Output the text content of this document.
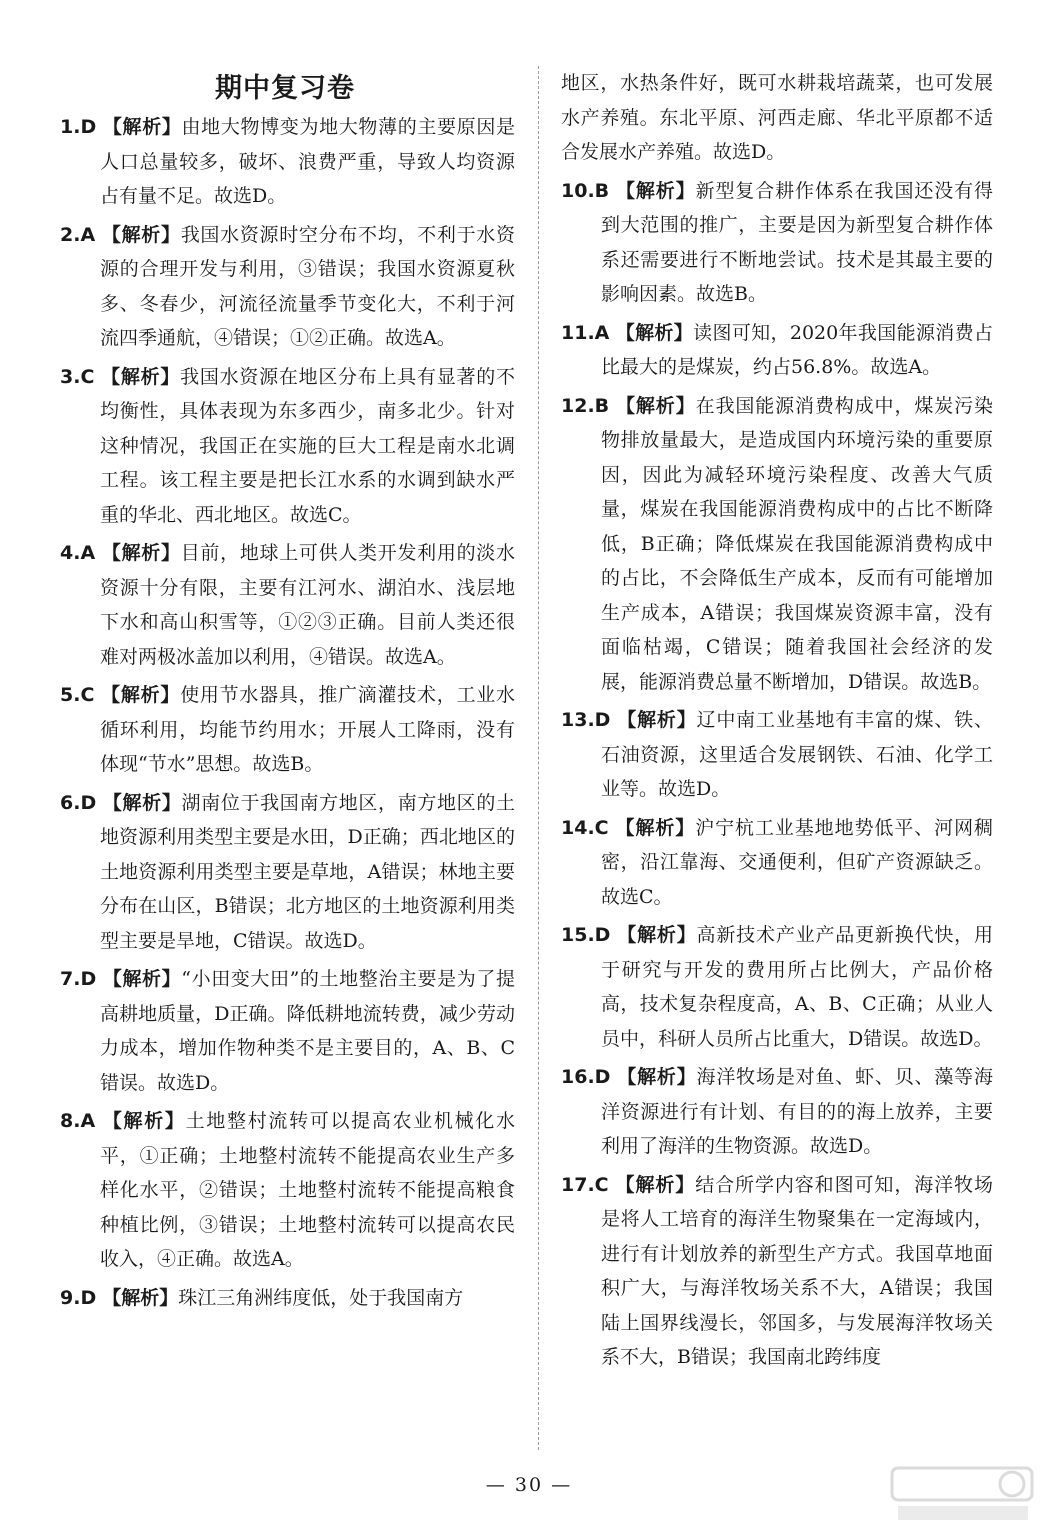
期中复习卷

1.D 【解析】由地大物博变为地大物薄的主要原因是人口总量较多，破坏、浪费严重，导致人均资源占有量不足。故选D。

2.A 【解析】我国水资源时空分布不均，不利于水资源的合理开发与利用，③错误；我国水资源夏秋多、冬春少，河流径流量季节变化大，不利于河流四季通航，④错误；①②正确。故选A。

3.C 【解析】我国水资源在地区分布上具有显著的不均衡性，具体表现为东多西少，南多北少。针对这种情况，我国正在实施的巨大工程是南水北调工程。该工程主要是把长江水系的水调到缺水严重的华北、西北地区。故选C。

4.A 【解析】目前，地球上可供人类开发利用的淡水资源十分有限，主要有江河水、湖泊水、浅层地下水和高山积雪等，①②③正确。目前人类还很难对两极冰盖加以利用，④错误。故选A。

5.C 【解析】使用节水器具，推广滴灌技术，工业水循环利用，均能节约用水；开展人工降雨，没有体现“节水”思想。故选B。

6.D 【解析】湖南位于我国南方地区，南方地区的土地资源利用类型主要是水田，D正确；西北地区的土地资源利用类型主要是草地，A错误；林地主要分布在山区，B错误；北方地区的土地资源利用类型主要是旱地，C错误。故选D。

7.D 【解析】“小田变大田”的土地整治主要是为了提高耕地质量，D正确。降低耕地流转费，减少劳动力成本，增加作物种类不是主要目的，A、B、C错误。故选D。

8.A 【解析】土地整村流转可以提高农业机械化水平，①正确；土地整村流转不能提高农业生产多样化水平，②错误；土地整村流转不能提高粮食种植比例，③错误；土地整村流转可以提高农民收入，④正确。故选A。

9.D 【解析】珠江三角洲纬度低，处于我国南方

地区，水热条件好，既可水耕栽培蔬菜，也可发展水产养殖。东北平原、河西走廊、华北平原都不适合发展水产养殖。故选D。

10.B 【解析】新型复合耕作体系在我国还没有得到大范围的推广，主要是因为新型复合耕作体系还需要进行不断地尝试。技术是其最主要的影响因素。故选B。

11.A 【解析】读图可知，2020年我国能源消费占比最大的是煤炭，约占56.8%。故选A。

12.B 【解析】在我国能源消费构成中，煤炭污染物排放量最大，是造成国内环境污染的重要原因，因此为减轻环境污染程度、改善大气质量，煤炭在我国能源消费构成中的占比不断降低，B正确；降低煤炭在我国能源消费构成中的占比，不会降低生产成本，反而有可能增加生产成本，A错误；我国煤炭资源丰富，没有面临枯竭，C错误；随着我国社会经济的发展，能源消费总量不断增加，D错误。故选B。

13.D 【解析】辽中南工业基地有丰富的煤、铁、石油资源，这里适合发展钢铁、石油、化学工业等。故选D。

14.C 【解析】沪宁杭工业基地地势低平、河网稠密，沿江靠海、交通便利，但矿产资源缺乏。故选C。

15.D 【解析】高新技术产业产品更新换代快，用于研究与开发的费用所占比例大，产品价格高，技术复杂程度高，A、B、C正确；从业人员中，科研人员所占比重大，D错误。故选D。

16.D 【解析】海洋牧场是对鱼、虾、贝、藻等海洋资源进行有计划、有目的的海上放养，主要利用了海洋的生物资源。故选D。

17.C 【解析】结合所学内容和图可知，海洋牧场是将人工培育的海洋生物聚集在一定海域内，进行有计划放养的新型生产方式。我国草地面积广大，与海洋牧场关系不大，A错误；我国陆上国界线漫长，邻国多，与发展海洋牧场关系不大，B错误；我国南北跨纬度

— 30 —
